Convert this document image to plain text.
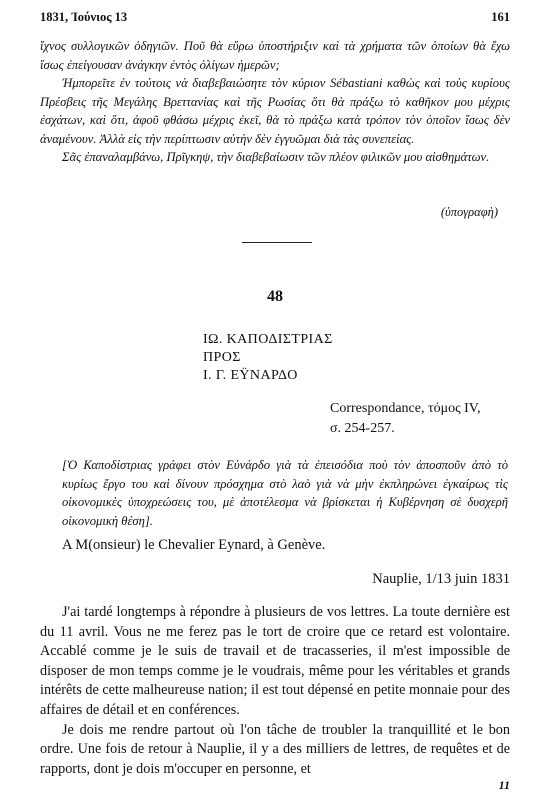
1831, Ἰούνιος 13	161

ἴχνος συλλογικῶν ὁδηγιῶν. Ποῦ θὰ εὕρω ὑποστήριξιν καὶ τὰ χρήματα τῶν ὁποίων θὰ ἔχω ἴσως ἐπείγουσαν ἀνάγκην ἐντὸς ὀλίγων ἡμερῶν;

Ἠμπορεῖτε ἐν τούτοις νὰ διαβεβαιώσητε τὸν κύριον Sébastiani καθὼς καὶ τοὺς κυρίους Πρέσβεις τῆς Μεγάλης Βρεττανίας καὶ τῆς Ρωσίας ὅτι θὰ πράξω τὸ καθῆκον μου μέχρις ἐσχάτων, καὶ ὅτι, ἀφοῦ φθάσω μέχρις ἐκεῖ, θὰ τὸ πράξω κατὰ τρόπον τὸν ὁποῖον ἴσως δὲν ἀναμένουν. Ἀλλὰ εἰς τὴν περίπτωσιν αὐτὴν δὲν ἐγγυῶμαι διὰ τὰς συνεπείας.

Σᾶς ἐπαναλαμβάνω, Πρῖγκηψ, τὴν διαβεβαίωσιν τῶν πλέον φιλικῶν μου αἰσθημάτων.

(ὑπογραφὴ)
48
ΙΩ. ΚΑΠΟΔΙΣΤΡΙΑΣ
ΠΡΟΣ
Ι. Γ. ΕΫΝΑΡΔΟ
Correspondance, τόμος IV,
σ. 254-257.
[Ὁ Καποδίστριας γράφει στὸν Εὐνάρδο γιὰ τὰ ἐπεισόδια ποὺ τὸν ἀποσποῦν ἀπὸ τὸ κυρίως ἔργο του καὶ δίνουν πρόσχημα στὸ λαὸ γιὰ νὰ μὴν ἐκπληρώνει ἐγκαίρως τὶς οἰκονομικὲς ὑποχρεώσεις του, μὲ ἀποτέλεσμα νὰ βρίσκεται ἡ Κυβέρνηση σὲ δυσχερῆ οἰκονομικὴ θέση].
A M(onsieur) le Chevalier Eynard, à Genève.
Nauplie, 1/13 juin 1831

J'ai tardé longtemps à répondre à plusieurs de vos lettres. La toute dernière est du 11 avril. Vous ne me ferez pas le tort de croire que ce retard est volontaire. Accablé comme je le suis de travail et de tracasseries, il m'est impossible de disposer de mon temps comme je le voudrais, même pour les véritables et grands intérêts de cette malheureuse nation; il est tout dépensé en petite monnaie pour des affaires de détail et en conférences.

Je dois me rendre partout où l'on tâche de troubler la tranquillité et le bon ordre. Une fois de retour à Nauplie, il y a des milliers de lettres, de requêtes et de rapports, dont je dois m'occuper en personne, et

11
